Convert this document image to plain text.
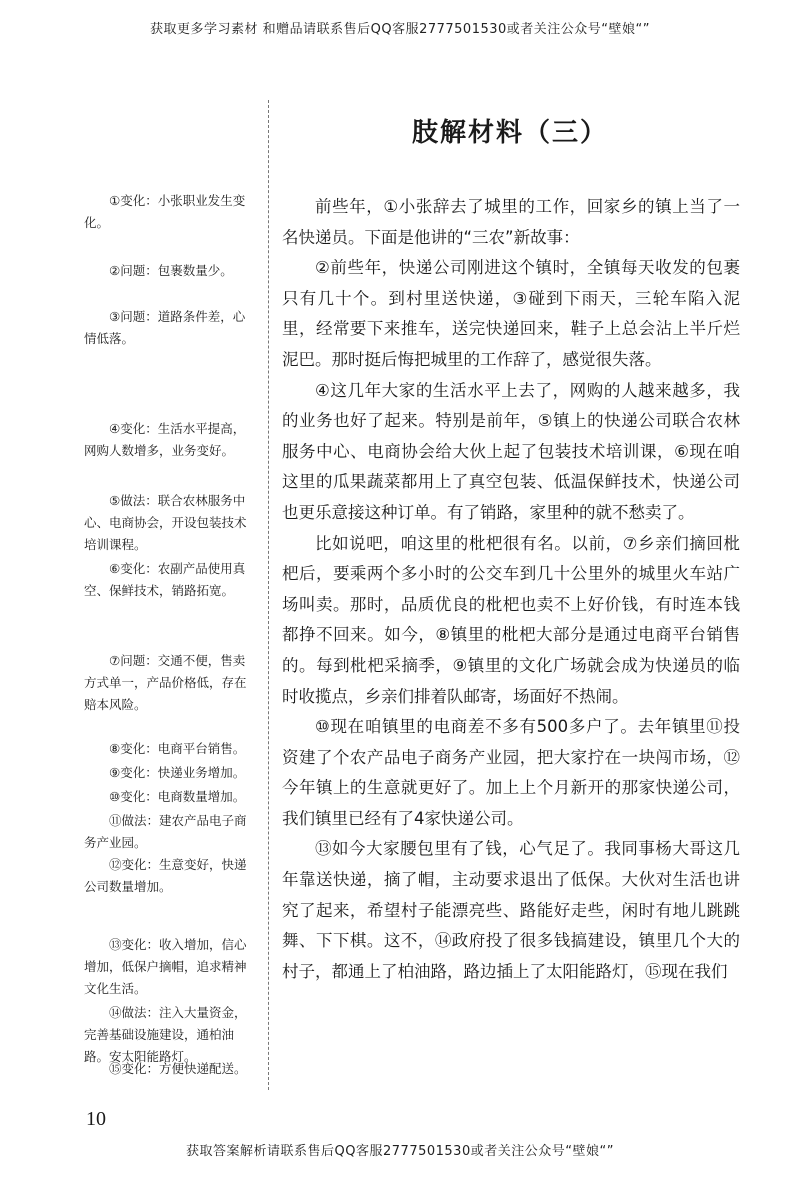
获取更多学习素材 和赠品请联系售后QQ客服2777501530或者关注公众号“壁娘“”
肢解材料（三）
①变化：小张职业发生变化。
②问题：包裹数量少。
③问题：道路条件差，心情低落。
④变化：生活水平提高，网购人数增多，业务变好。
⑤做法：联合农林服务中心、电商协会，开设包装技术培训课程。
⑥变化：农副产品使用真空、保鲜技术，销路拓宽。
⑦问题：交通不便，售卖方式单一，产品价格低，存在赔本风险。
⑧变化：电商平台销售。
⑨变化：快递业务增加。
⑩变化：电商数量增加。
⑪做法：建农产品电子商务产业园。
⑫变化：生意变好，快递公司数量增加。
⑬变化：收入增加，信心增加，低保户摘帽，追求精神文化生活。
⑭做法：注入大量资金，完善基础设施建设，通柏油路。安太阳能路灯。
⑮变化：方便快递配送。

前些年，①小张辞去了城里的工作，回家乡的镇上当了一名快递员。下面是他讲的“三农”新故事：

②前些年，快递公司刚进这个镇时，全镇每天收发的包裹只有几十个。到村里送快递，③碰到下雨天，三轮车陷入泥里，经常要下来推车，送完快递回来，鞋子上总会沾上半斤烂泥巴。那时挺后悔把城里的工作辞了，感觉很失落。

④这几年大家的生活水平上去了，网购的人越来越多，我的业务也好了起来。特别是前年，⑤镇上的快递公司联合农林服务中心、电商协会给大伙上起了包装技术培训课，⑥现在咱这里的瓜果蔬菜都用上了真空包装、低温保鲜技术，快递公司也更乐意接这种订单。有了销路，家里种的就不愁卖了。

比如说吧，咱这里的枇杷很有名。以前，⑦乡亲们摘回枇杷后，要乘两个多小时的公交车到几十公里外的城里火车站广场叫卖。那时，品质优良的枇杷也卖不上好价钱，有时连本钱都挣不回来。如今，⑧镇里的枇杷大部分是通过电商平台销售的。每到枇杷采摘季，⑨镇里的文化广场就会成为快递员的临时收揽点，乡亲们排着队邮寄，场面好不热闹。

⑩现在咱镇里的电商差不多有500多户了。去年镇里⑪投资建了个农产品电子商务产业园，把大家拧在一块闯市场，⑫今年镇上的生意就更好了。加上上个月新开的那家快递公司，我们镇里已经有了4家快递公司。

⑬如今大家腰包里有了钱，心气足了。我同事杨大哥这几年靠送快递，摘了帽，主动要求退出了低保。大伙对生活也讲究了起来，希望村子能漂亮些、路能好走些，闲时有地儿跳跳舞、下下棋。这不，⑭政府投了很多钱搞建设，镇里几个大的村子，都通上了柏油路，路边插上了太阳能路灯，⑮现在我们

10
获取答案解析请联系售后QQ客服2777501530或者关注公众号“壁娘“”
